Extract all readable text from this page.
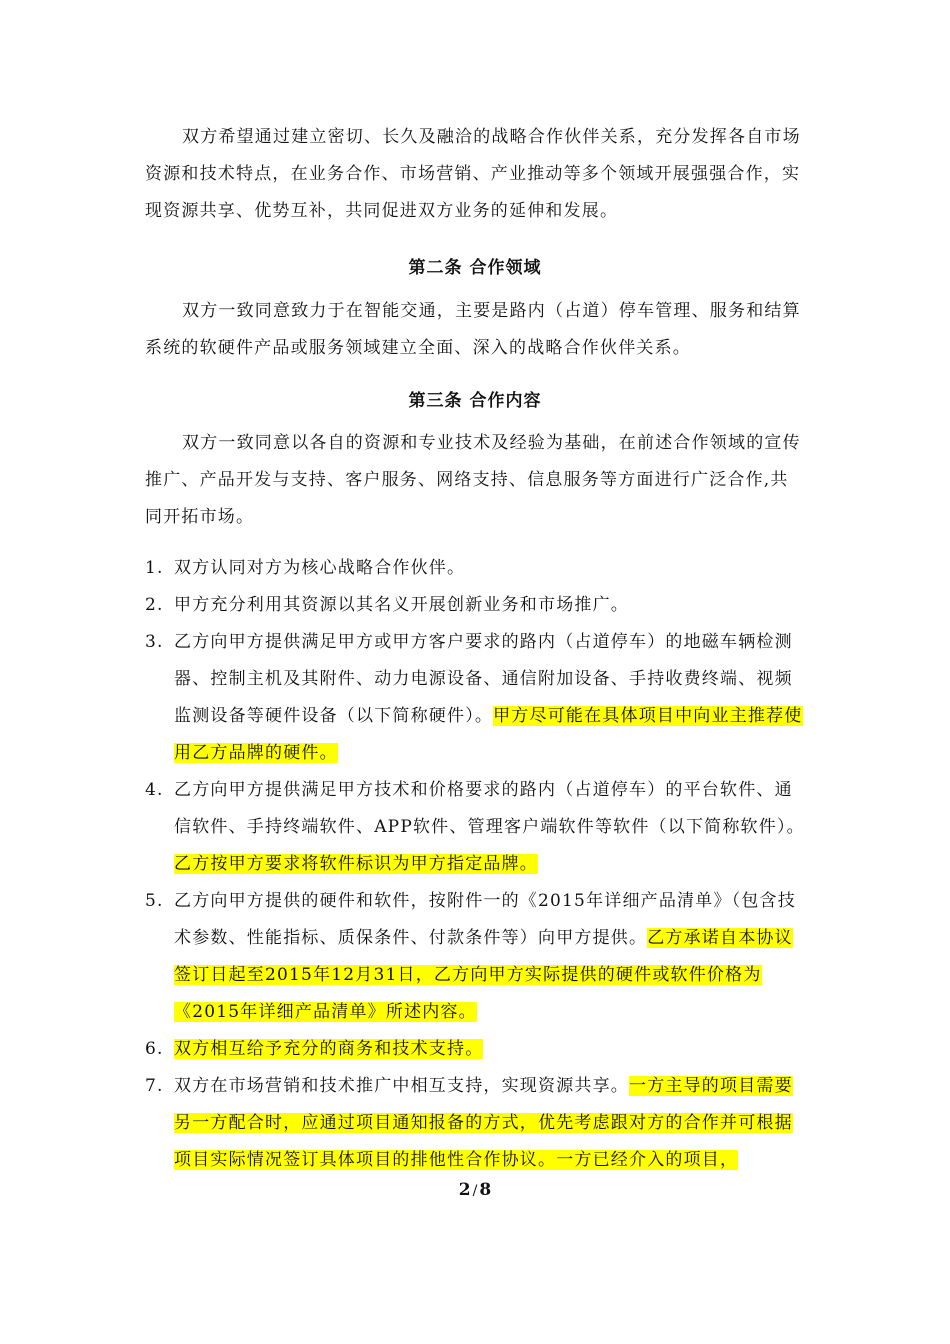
双方希望通过建立密切、长久及融洽的战略合作伙伴关系，充分发挥各自市场资源和技术特点，在业务合作、市场营销、产业推动等多个领域开展强强合作，实现资源共享、优势互补，共同促进双方业务的延伸和发展。

第二条 合作领域

双方一致同意致力于在智能交通，主要是路内（占道）停车管理、服务和结算系统的软硬件产品或服务领域建立全面、深入的战略合作伙伴关系。

第三条 合作内容

双方一致同意以各自的资源和专业技术及经验为基础，在前述合作领域的宣传推广、产品开发与支持、客户服务、网络支持、信息服务等方面进行广泛合作,共同开拓市场。

1. 双方认同对方为核心战略合作伙伴。
2. 甲方充分利用其资源以其名义开展创新业务和市场推广。
3. 乙方向甲方提供满足甲方或甲方客户要求的路内（占道停车）的地磁车辆检测器、控制主机及其附件、动力电源设备、通信附加设备、手持收费终端、视频监测设备等硬件设备（以下简称硬件）。甲方尽可能在具体项目中向业主推荐使用乙方品牌的硬件。
4. 乙方向甲方提供满足甲方技术和价格要求的路内（占道停车）的平台软件、通信软件、手持终端软件、APP软件、管理客户端软件等软件（以下简称软件）。乙方按甲方要求将软件标识为甲方指定品牌。
5. 乙方向甲方提供的硬件和软件，按附件一的《2015年详细产品清单》（包含技术参数、性能指标、质保条件、付款条件等）向甲方提供。乙方承诺自本协议签订日起至2015年12月31日，乙方向甲方实际提供的硬件或软件价格为《2015年详细产品清单》所述内容。
6. 双方相互给予充分的商务和技术支持。
7. 双方在市场营销和技术推广中相互支持，实现资源共享。一方主导的项目需要另一方配合时，应通过项目通知报备的方式，优先考虑跟对方的合作并可根据项目实际情况签订具体项目的排他性合作协议。一方已经介入的项目，
2 / 8
